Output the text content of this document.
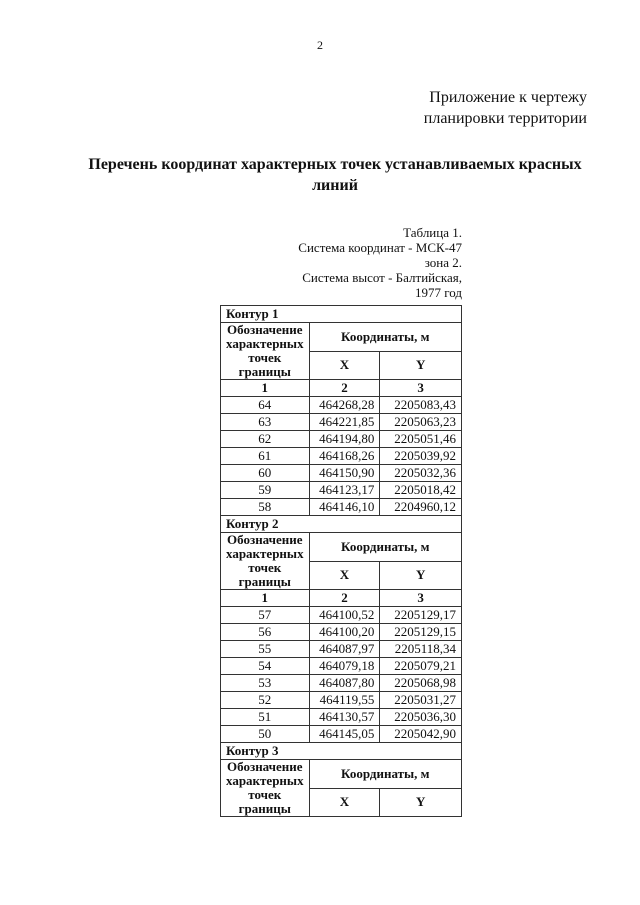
2
Приложение к чертежу
планировки территории
Перечень координат характерных точек устанавливаемых красных
линий
Таблица 1.
Система координат - МСК-47
зона 2.
Система высот - Балтийская,
1977 год
Контур 1		
Обозначение характерных точек границы	Координаты, м	
	X	Y
1	2	3
64	464268,28	2205083,43
63	464221,85	2205063,23
62	464194,80	2205051,46
61	464168,26	2205039,92
60	464150,90	2205032,36
59	464123,17	2205018,42
58	464146,10	2204960,12
Контур 2		
Обозначение характерных точек границы	Координаты, м	
	X	Y
1	2	3
57	464100,52	2205129,17
56	464100,20	2205129,15
55	464087,97	2205118,34
54	464079,18	2205079,21
53	464087,80	2205068,98
52	464119,55	2205031,27
51	464130,57	2205036,30
50	464145,05	2205042,90
Контур 3		
Обозначение характерных точек границы	Координаты, м	
	X	Y
